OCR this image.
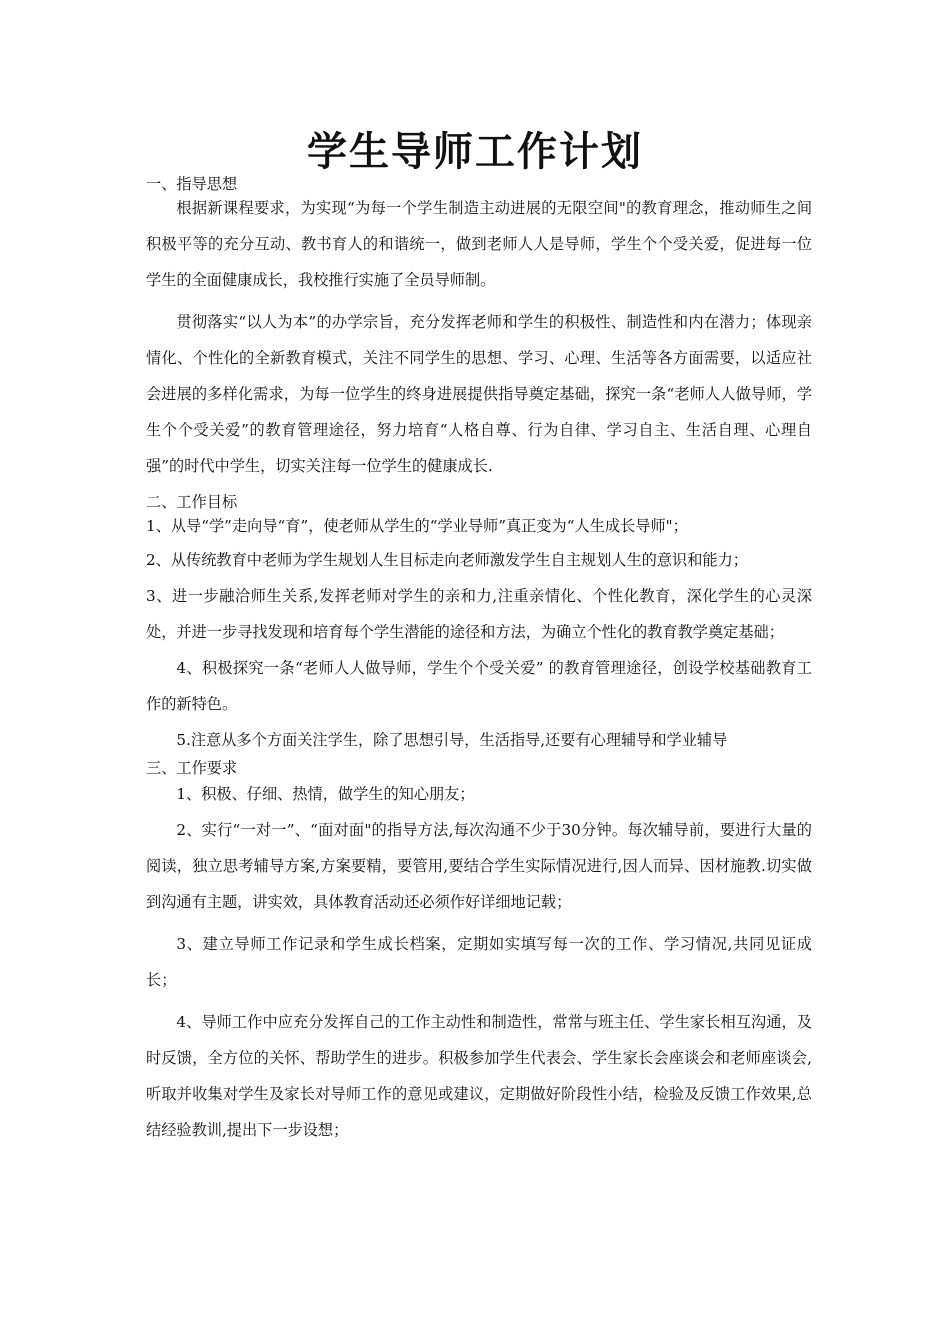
学生导师工作计划
一、指导思想

根据新课程要求，为实现“为每一个学生制造主动进展的无限空间"的教育理念，推动师生之间积极平等的充分互动、教书育人的和谐统一，做到老师人人是导师，学生个个受关爱，促进每一位学生的全面健康成长，我校推行实施了全员导师制。

贯彻落实“以人为本”的办学宗旨，充分发挥老师和学生的积极性、制造性和内在潜力；体现亲情化、个性化的全新教育模式，关注不同学生的思想、学习、心理、生活等各方面需要，以适应社会进展的多样化需求，为每一位学生的终身进展提供指导奠定基础，探究一条“老师人人做导师，学生个个受关爱”的教育管理途径，努力培育“人格自尊、行为自律、学习自主、生活自理、心理自强”的时代中学生，切实关注每一位学生的健康成长.

二、工作目标

1、从导“学”走向导“育”，使老师从学生的“学业导师”真正变为“人生成长导师"；

2、从传统教育中老师为学生规划人生目标走向老师激发学生自主规划人生的意识和能力；

3、进一步融洽师生关系,发挥老师对学生的亲和力,注重亲情化、个性化教育，深化学生的心灵深处，并进一步寻找发现和培育每个学生潜能的途径和方法，为确立个性化的教育教学奠定基础；

4、积极探究一条“老师人人做导师，学生个个受关爱” 的教育管理途径，创设学校基础教育工作的新特色。

5.注意从多个方面关注学生，除了思想引导，生活指导,还要有心理辅导和学业辅导

三、工作要求

1、积极、仔细、热情，做学生的知心朋友；

2、实行“一对一”、“面对面"的指导方法,每次沟通不少于30分钟。每次辅导前，要进行大量的阅读，独立思考辅导方案,方案要精，要管用,要结合学生实际情况进行,因人而异、因材施教.切实做到沟通有主题，讲实效，具体教育活动还必须作好详细地记载；

3、建立导师工作记录和学生成长档案，定期如实填写每一次的工作、学习情况,共同见证成长；

4、导师工作中应充分发挥自己的工作主动性和制造性，常常与班主任、学生家长相互沟通，及时反馈，全方位的关怀、帮助学生的进步。积极参加学生代表会、学生家长会座谈会和老师座谈会,听取并收集对学生及家长对导师工作的意见或建议，定期做好阶段性小结，检验及反馈工作效果,总结经验教训,提出下一步设想；
